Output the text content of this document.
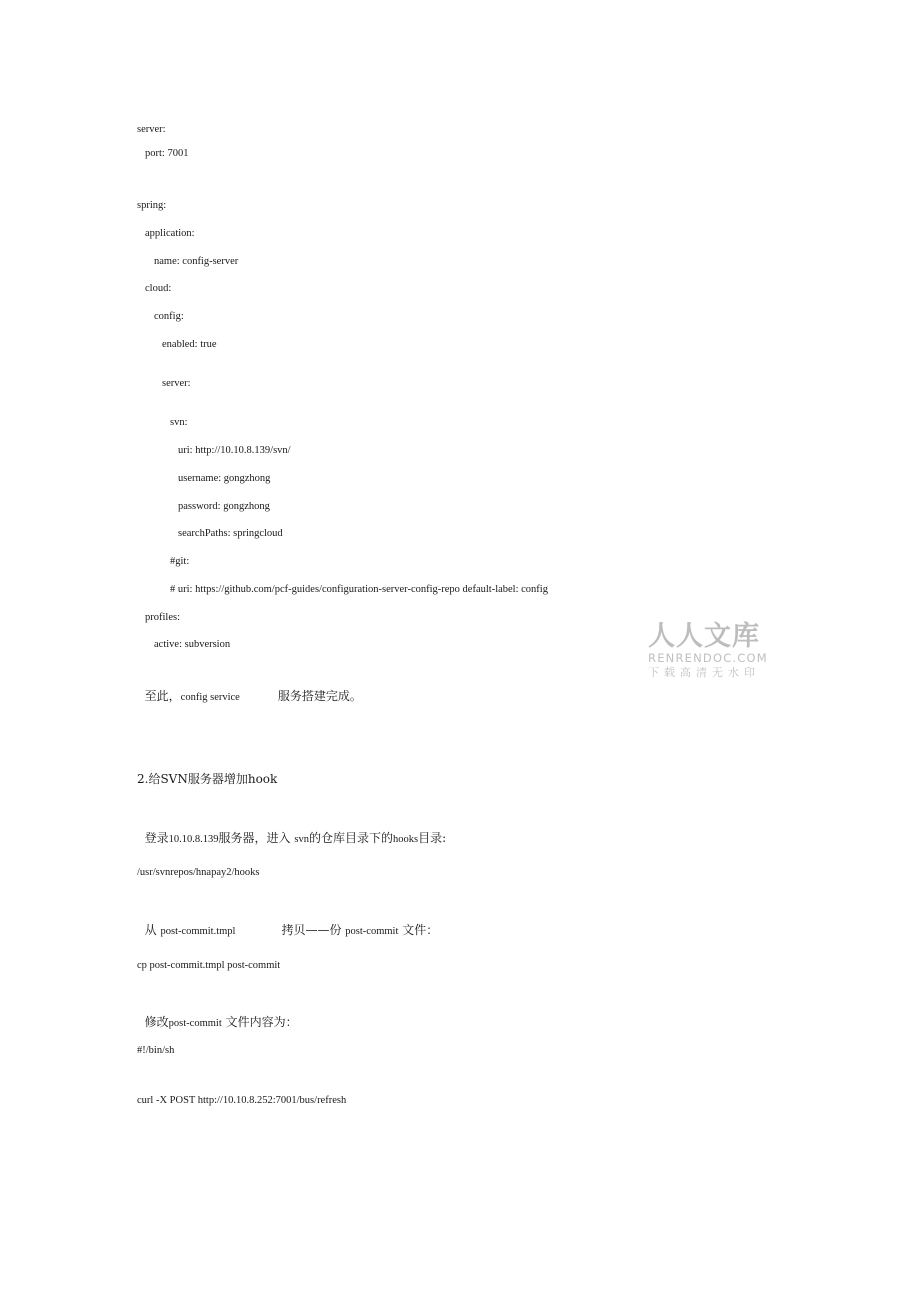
server:
port: 7001
spring:
application:
name: config-server
cloud:
config:
enabled: true
server:
svn:
uri: http://10.10.8.139/svn/
username: gongzhong
password: gongzhong
searchPaths: springcloud
#git:
# uri: https://github.com/pcf-guides/configuration-server-config-repo default-label: config
profiles:
active: subversion

至此，config service	服务搭建完成。

2.给SVN服务器增加hook

登录10.10.8.139服务器，进入 svn的仓库目录下的hooks目录:

/usr/svnrepos/hnapay2/hooks

从 post-commit.tmpl	拷贝——份 post-commit 文件：

cp post-commit.tmpl post-commit

修改post-commit 文件内容为：

#!/bin/sh
curl -X POST http://10.10.8.252:7001/bus/refresh
人人文库
RENRENDOC.COM
下载高清无水印
